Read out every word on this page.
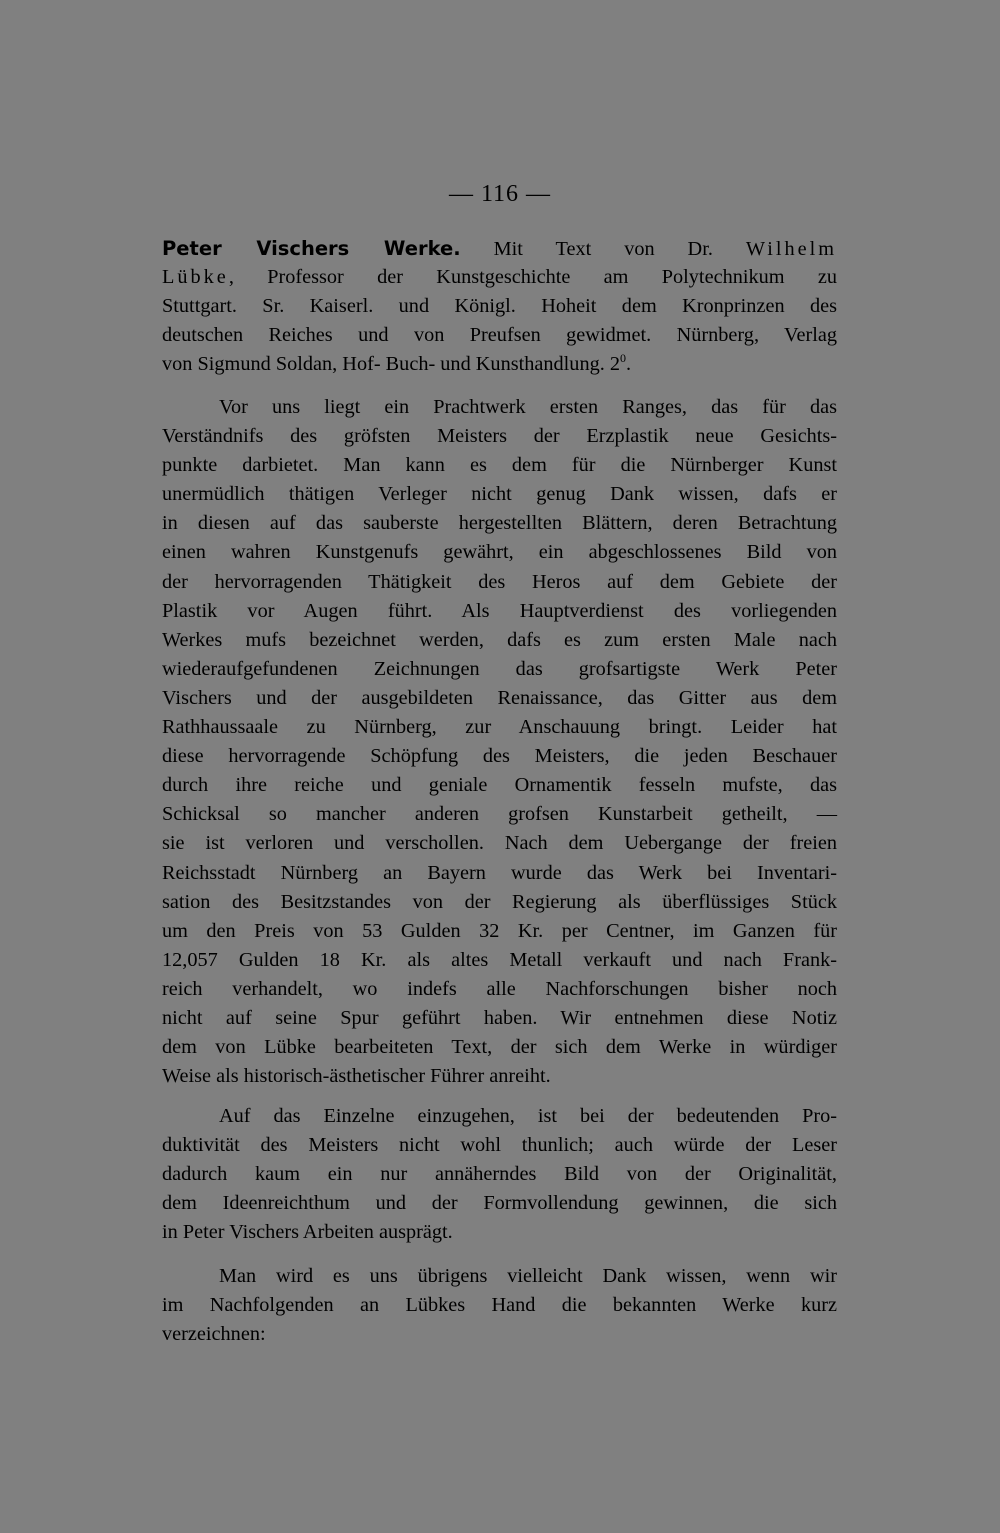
— 116 —
Peter Vischers Werke. Mit Text von Dr. Wilhelm
Lübke, Professor der Kunstgeschichte am Polytechnikum zu
Stuttgart. Sr. Kaiserl. und Königl. Hoheit dem Kronprinzen des
deutschen Reiches und von Preufsen gewidmet. Nürnberg, Verlag
von Sigmund Soldan, Hof- Buch- und Kunsthandlung. $2^0$.
Vor uns liegt ein Prachtwerk ersten Ranges, das für das
Verständnifs des gröfsten Meisters der Erzplastik neue Gesichts-
punkte darbietet. Man kann es dem für die Nürnberger Kunst
unermüdlich thätigen Verleger nicht genug Dank wissen, dafs er
in diesen auf das sauberste hergestellten Blättern, deren Betrachtung
einen wahren Kunstgenufs gewährt, ein abgeschlossenes Bild von
der hervorragenden Thätigkeit des Heros auf dem Gebiete der
Plastik vor Augen führt. Als Hauptverdienst des vorliegenden
Werkes mufs bezeichnet werden, dafs es zum ersten Male nach
wiederaufgefundenen Zeichnungen das grofsartigste Werk Peter
Vischers und der ausgebildeten Renaissance, das Gitter aus dem
Rathhaussaale zu Nürnberg, zur Anschauung bringt. Leider hat
diese hervorragende Schöpfung des Meisters, die jeden Beschauer
durch ihre reiche und geniale Ornamentik fesseln mufste, das
Schicksal so mancher anderen grofsen Kunstarbeit getheilt, —
sie ist verloren und verschollen. Nach dem Uebergange der freien
Reichsstadt Nürnberg an Bayern wurde das Werk bei Inventari-
sation des Besitzstandes von der Regierung als überflüssiges Stück
um den Preis von 53 Gulden 32 Kr. per Centner, im Ganzen für
12,057 Gulden 18 Kr. als altes Metall verkauft und nach Frank-
reich verhandelt, wo indefs alle Nachforschungen bisher noch
nicht auf seine Spur geführt haben. Wir entnehmen diese Notiz
dem von Lübke bearbeiteten Text, der sich dem Werke in würdiger
Weise als historisch-ästhetischer Führer anreiht.
Auf das Einzelne einzugehen, ist bei der bedeutenden Pro-
duktivität des Meisters nicht wohl thunlich; auch würde der Leser
dadurch kaum ein nur annäherndes Bild von der Originalität,
dem Ideenreichthum und der Formvollendung gewinnen, die sich
in Peter Vischers Arbeiten ausprägt.
Man wird es uns übrigens vielleicht Dank wissen, wenn wir
im Nachfolgenden an Lübkes Hand die bekannten Werke kurz
verzeichnen:
